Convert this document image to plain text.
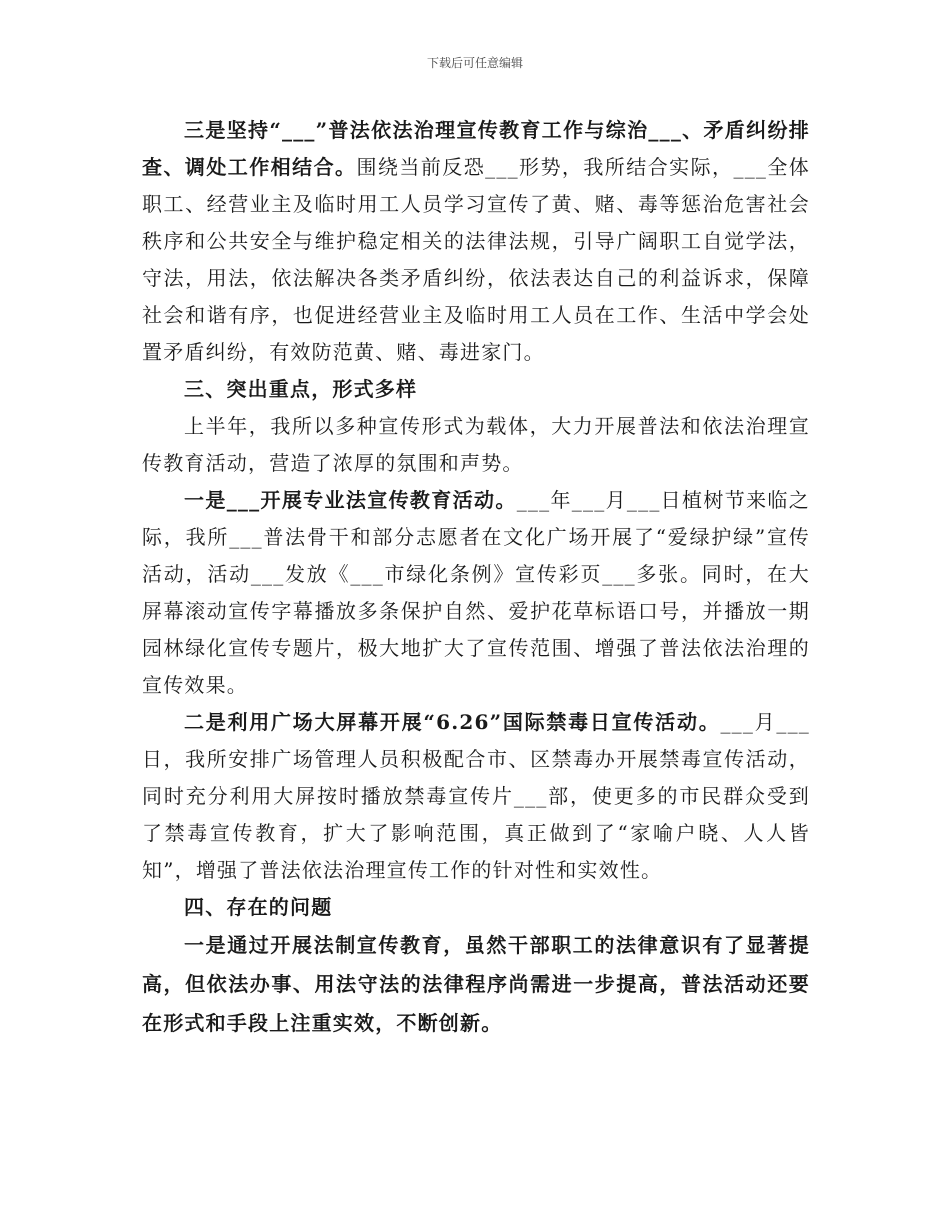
下载后可任意编辑

三是坚持“___”普法依法治理宣传教育工作与综治___、矛盾纠纷排查、调处工作相结合。围绕当前反恐___形势，我所结合实际，___全体职工、经营业主及临时用工人员学习宣传了黄、赌、毒等惩治危害社会秩序和公共安全与维护稳定相关的法律法规，引导广阔职工自觉学法，守法，用法，依法解决各类矛盾纠纷，依法表达自己的利益诉求，保障社会和谐有序，也促进经营业主及临时用工人员在工作、生活中学会处置矛盾纠纷，有效防范黄、赌、毒进家门。

三、突出重点，形式多样

上半年，我所以多种宣传形式为载体，大力开展普法和依法治理宣传教育活动，营造了浓厚的氛围和声势。

一是___开展专业法宣传教育活动。___年___月___日植树节来临之际，我所___普法骨干和部分志愿者在文化广场开展了“爱绿护绿”宣传活动，活动___发放《___市绿化条例》宣传彩页___多张。同时，在大屏幕滚动宣传字幕播放多条保护自然、爱护花草标语口号，并播放一期园林绿化宣传专题片，极大地扩大了宣传范围、增强了普法依法治理的宣传效果。

二是利用广场大屏幕开展“6.26”国际禁毒日宣传活动。___月___日，我所安排广场管理人员积极配合市、区禁毒办开展禁毒宣传活动，同时充分利用大屏按时播放禁毒宣传片___部，使更多的市民群众受到了禁毒宣传教育，扩大了影响范围，真正做到了“家喻户晓、人人皆知”，增强了普法依法治理宣传工作的针对性和实效性。

四、存在的问题

一是通过开展法制宣传教育，虽然干部职工的法律意识有了显著提高，但依法办事、用法守法的法律程序尚需进一步提高，普法活动还要在形式和手段上注重实效，不断创新。
